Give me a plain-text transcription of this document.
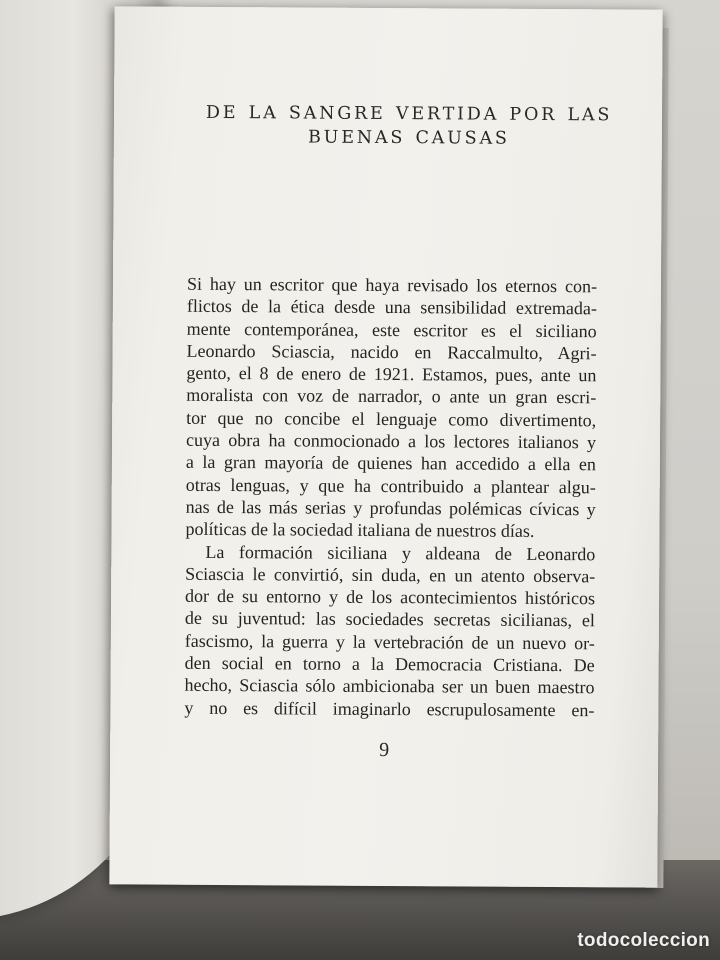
DE LA SANGRE VERTIDA POR LAS
BUENAS CAUSAS
Si hay un escritor que haya revisado los eternos con-
flictos de la ética desde una sensibilidad extremada-
mente contemporánea, este escritor es el siciliano
Leonardo Sciascia, nacido en Raccalmulto, Agri-
gento, el 8 de enero de 1921. Estamos, pues, ante un
moralista con voz de narrador, o ante un gran escri-
tor que no concibe el lenguaje como divertimento,
cuya obra ha conmocionado a los lectores italianos y
a la gran mayoría de quienes han accedido a ella en
otras lenguas, y que ha contribuido a plantear algu-
nas de las más serias y profundas polémicas cívicas y
políticas de la sociedad italiana de nuestros días.
La formación siciliana y aldeana de Leonardo
Sciascia le convirtió, sin duda, en un atento observa-
dor de su entorno y de los acontecimientos históricos
de su juventud: las sociedades secretas sicilianas, el
fascismo, la guerra y la vertebración de un nuevo or-
den social en torno a la Democracia Cristiana. De
hecho, Sciascia sólo ambicionaba ser un buen maestro
y no es difícil imaginarlo escrupulosamente en-
9
todocoleccion
